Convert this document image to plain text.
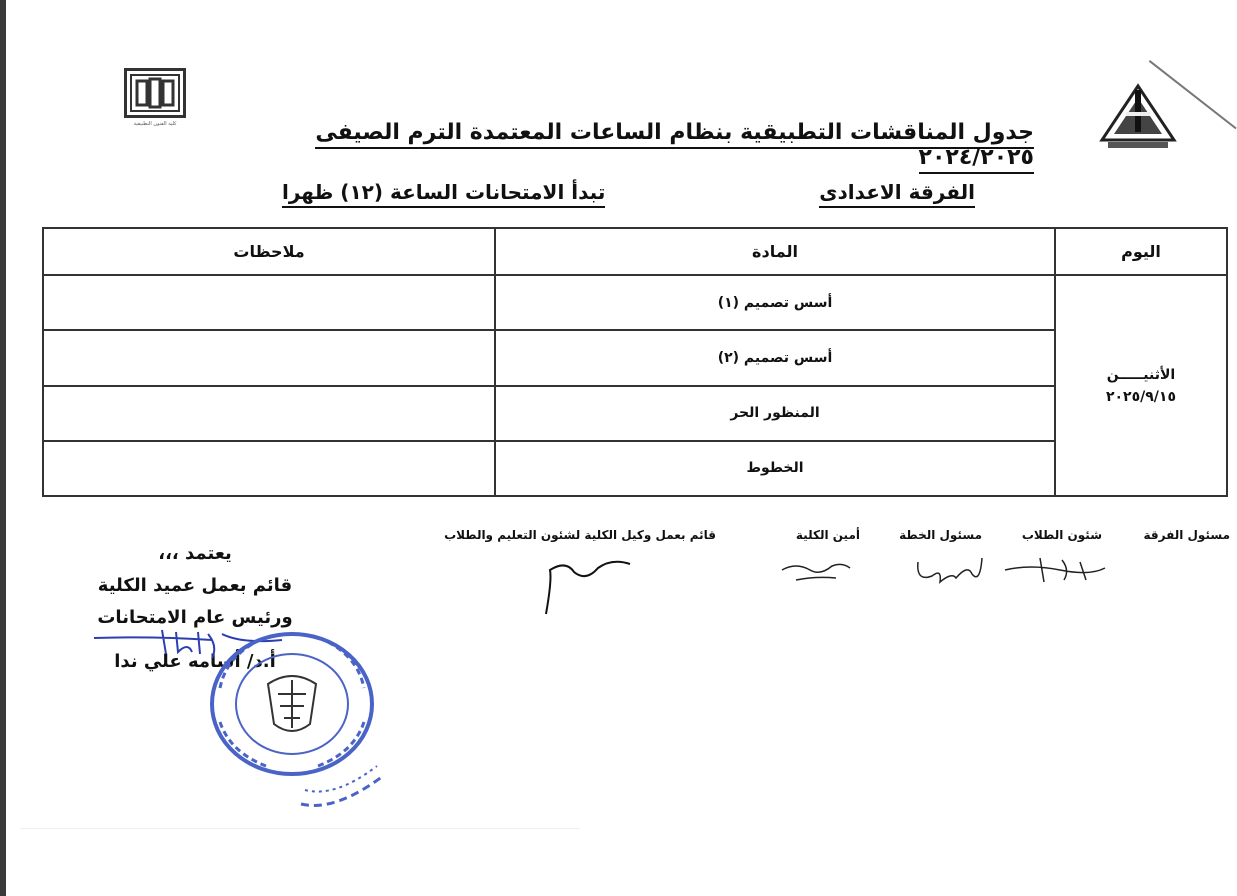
كلية الفنون التطبيقية	جدول المناقشات التطبيقية بنظام الساعات المعتمدة الترم الصيفى ٢٠٢٤/٢٠٢٥
الفرقة الاعدادى
تبدأ الامتحانات الساعة (١٢) ظهرا
اليوم	المادة	ملاحظات

الأثنيـــــن
٢٠٢٥/٩/١٥	أسس تصميم (١)	
	أسس تصميم (٢)	
	المنظور الحر	
	الخطوط	
مسئول الفرقة
شئون الطلاب
مسئول الخطة
أمين الكلية
قائم بعمل وكيل الكلية لشئون التعليم والطلاب
يعتمد ،،،
قائم بعمل عميد الكلية
ورئيس عام الامتحانات
أ.د/ أسامه علي ندا
